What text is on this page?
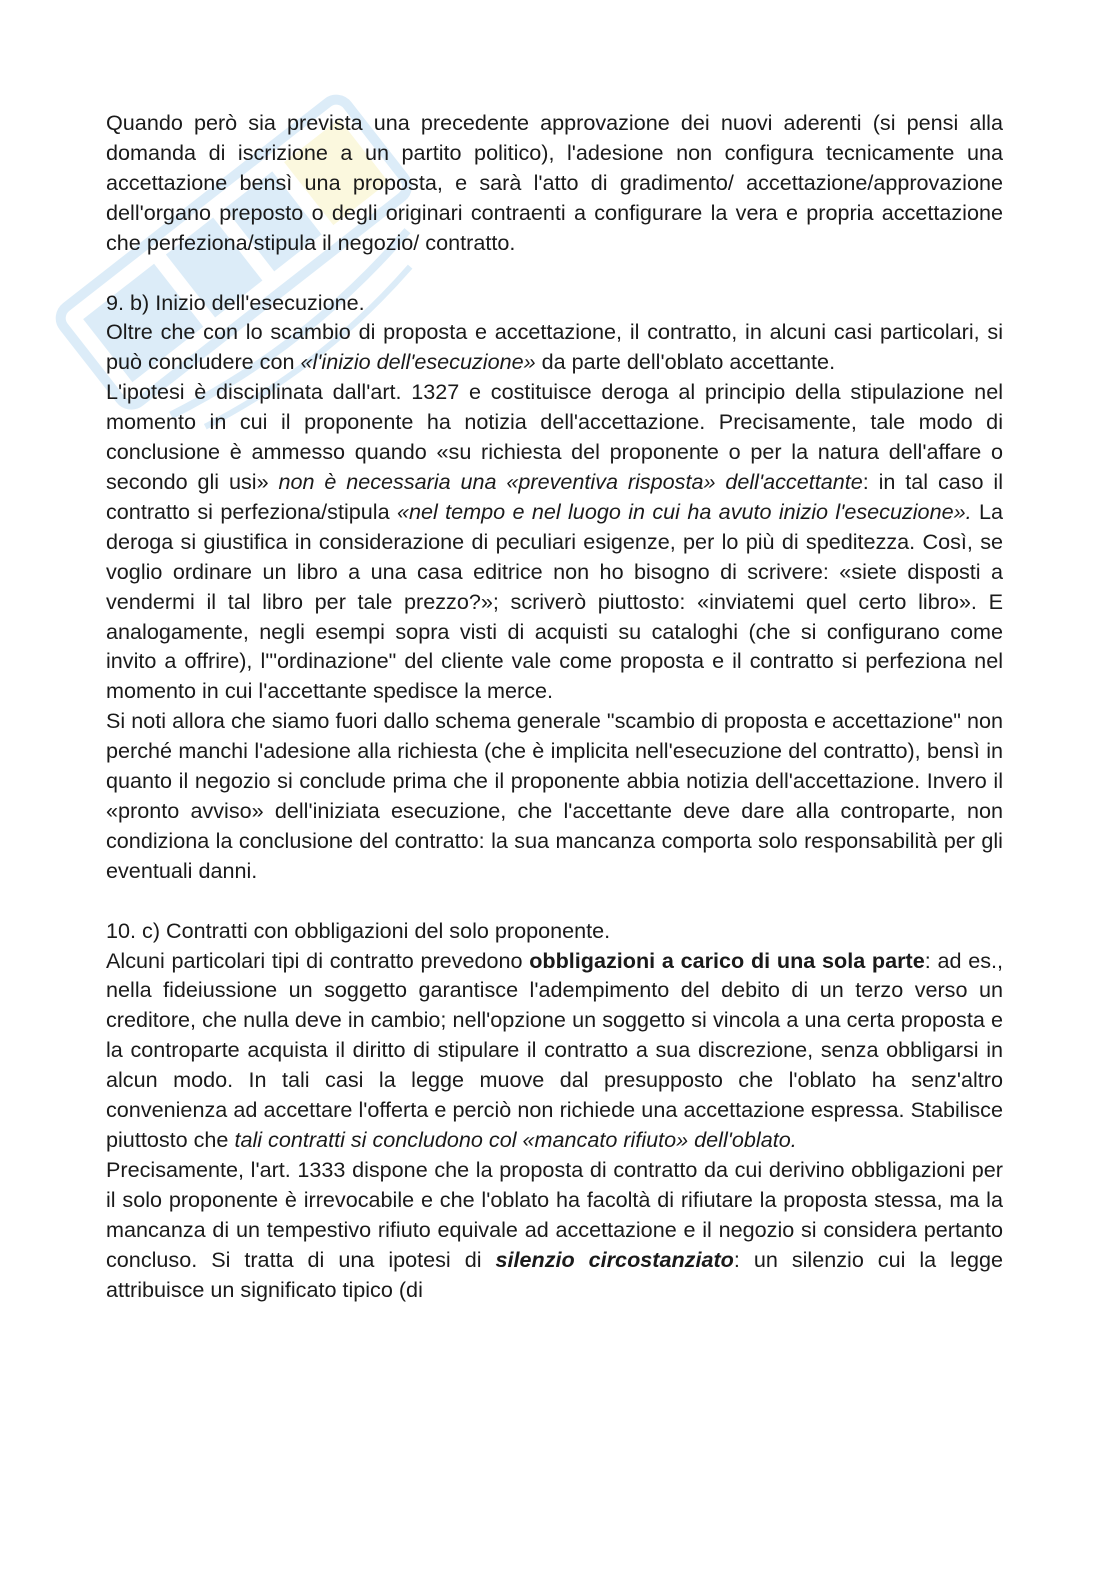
Quando però sia prevista una precedente approvazione dei nuovi aderenti (si pensi alla domanda di iscrizione a un partito politico), l'adesione non configura tecnicamente una accettazione bensì una proposta, e sarà l'atto di gradimento/ accettazione/approvazione dell'organo preposto o degli originari contraenti a configurare la vera e propria accettazione che perfeziona/stipula il negozio/ contratto.

9. b) Inizio dell'esecuzione.

Oltre che con lo scambio di proposta e accettazione, il contratto, in alcuni casi particolari, si può concludere con «l'inizio dell'esecuzione» da parte dell'oblato accettante.

L'ipotesi è disciplinata dall'art. 1327 e costituisce deroga al principio della stipulazione nel momento in cui il proponente ha notizia dell'accettazione. Precisamente, tale modo di conclusione è ammesso quando «su richiesta del proponente o per la natura dell'affare o secondo gli usi» non è necessaria una «preventiva risposta» dell'accettante: in tal caso il contratto si perfeziona/stipula «nel tempo e nel luogo in cui ha avuto inizio l'esecuzione». La deroga si giustifica in considerazione di peculiari esigenze, per lo più di speditezza. Così, se voglio ordinare un libro a una casa editrice non ho bisogno di scrivere: «siete disposti a vendermi il tal libro per tale prezzo?»; scriverò piuttosto: «inviatemi quel certo libro». E analogamente, negli esempi sopra visti di acquisti su cataloghi (che si configurano come invito a offrire), l'"ordinazione" del cliente vale come proposta e il contratto si perfeziona nel momento in cui l'accettante spedisce la merce.

Si noti allora che siamo fuori dallo schema generale "scambio di proposta e accettazione" non perché manchi l'adesione alla richiesta (che è implicita nell'esecuzione del contratto), bensì in quanto il negozio si conclude prima che il proponente abbia notizia dell'accettazione. Invero il «pronto avviso» dell'iniziata esecuzione, che l'accettante deve dare alla controparte, non condiziona la conclusione del contratto: la sua mancanza comporta solo responsabilità per gli eventuali danni.

10. c) Contratti con obbligazioni del solo proponente.

Alcuni particolari tipi di contratto prevedono obbligazioni a carico di una sola parte: ad es., nella fideiussione un soggetto garantisce l'adempimento del debito di un terzo verso un creditore, che nulla deve in cambio; nell'opzione un soggetto si vincola a una certa proposta e la controparte acquista il diritto di stipulare il contratto a sua discrezione, senza obbligarsi in alcun modo. In tali casi la legge muove dal presupposto che l'oblato ha senz'altro convenienza ad accettare l'offerta e perciò non richiede una accettazione espressa. Stabilisce piuttosto che tali contratti si concludono col «mancato rifiuto» dell'oblato.

Precisamente, l'art. 1333 dispone che la proposta di contratto da cui derivino obbligazioni per il solo proponente è irrevocabile e che l'oblato ha facoltà di rifiutare la proposta stessa, ma la mancanza di un tempestivo rifiuto equivale ad accettazione e il negozio si considera pertanto concluso. Si tratta di una ipotesi di silenzio circostanziato: un silenzio cui la legge attribuisce un significato tipico (di
